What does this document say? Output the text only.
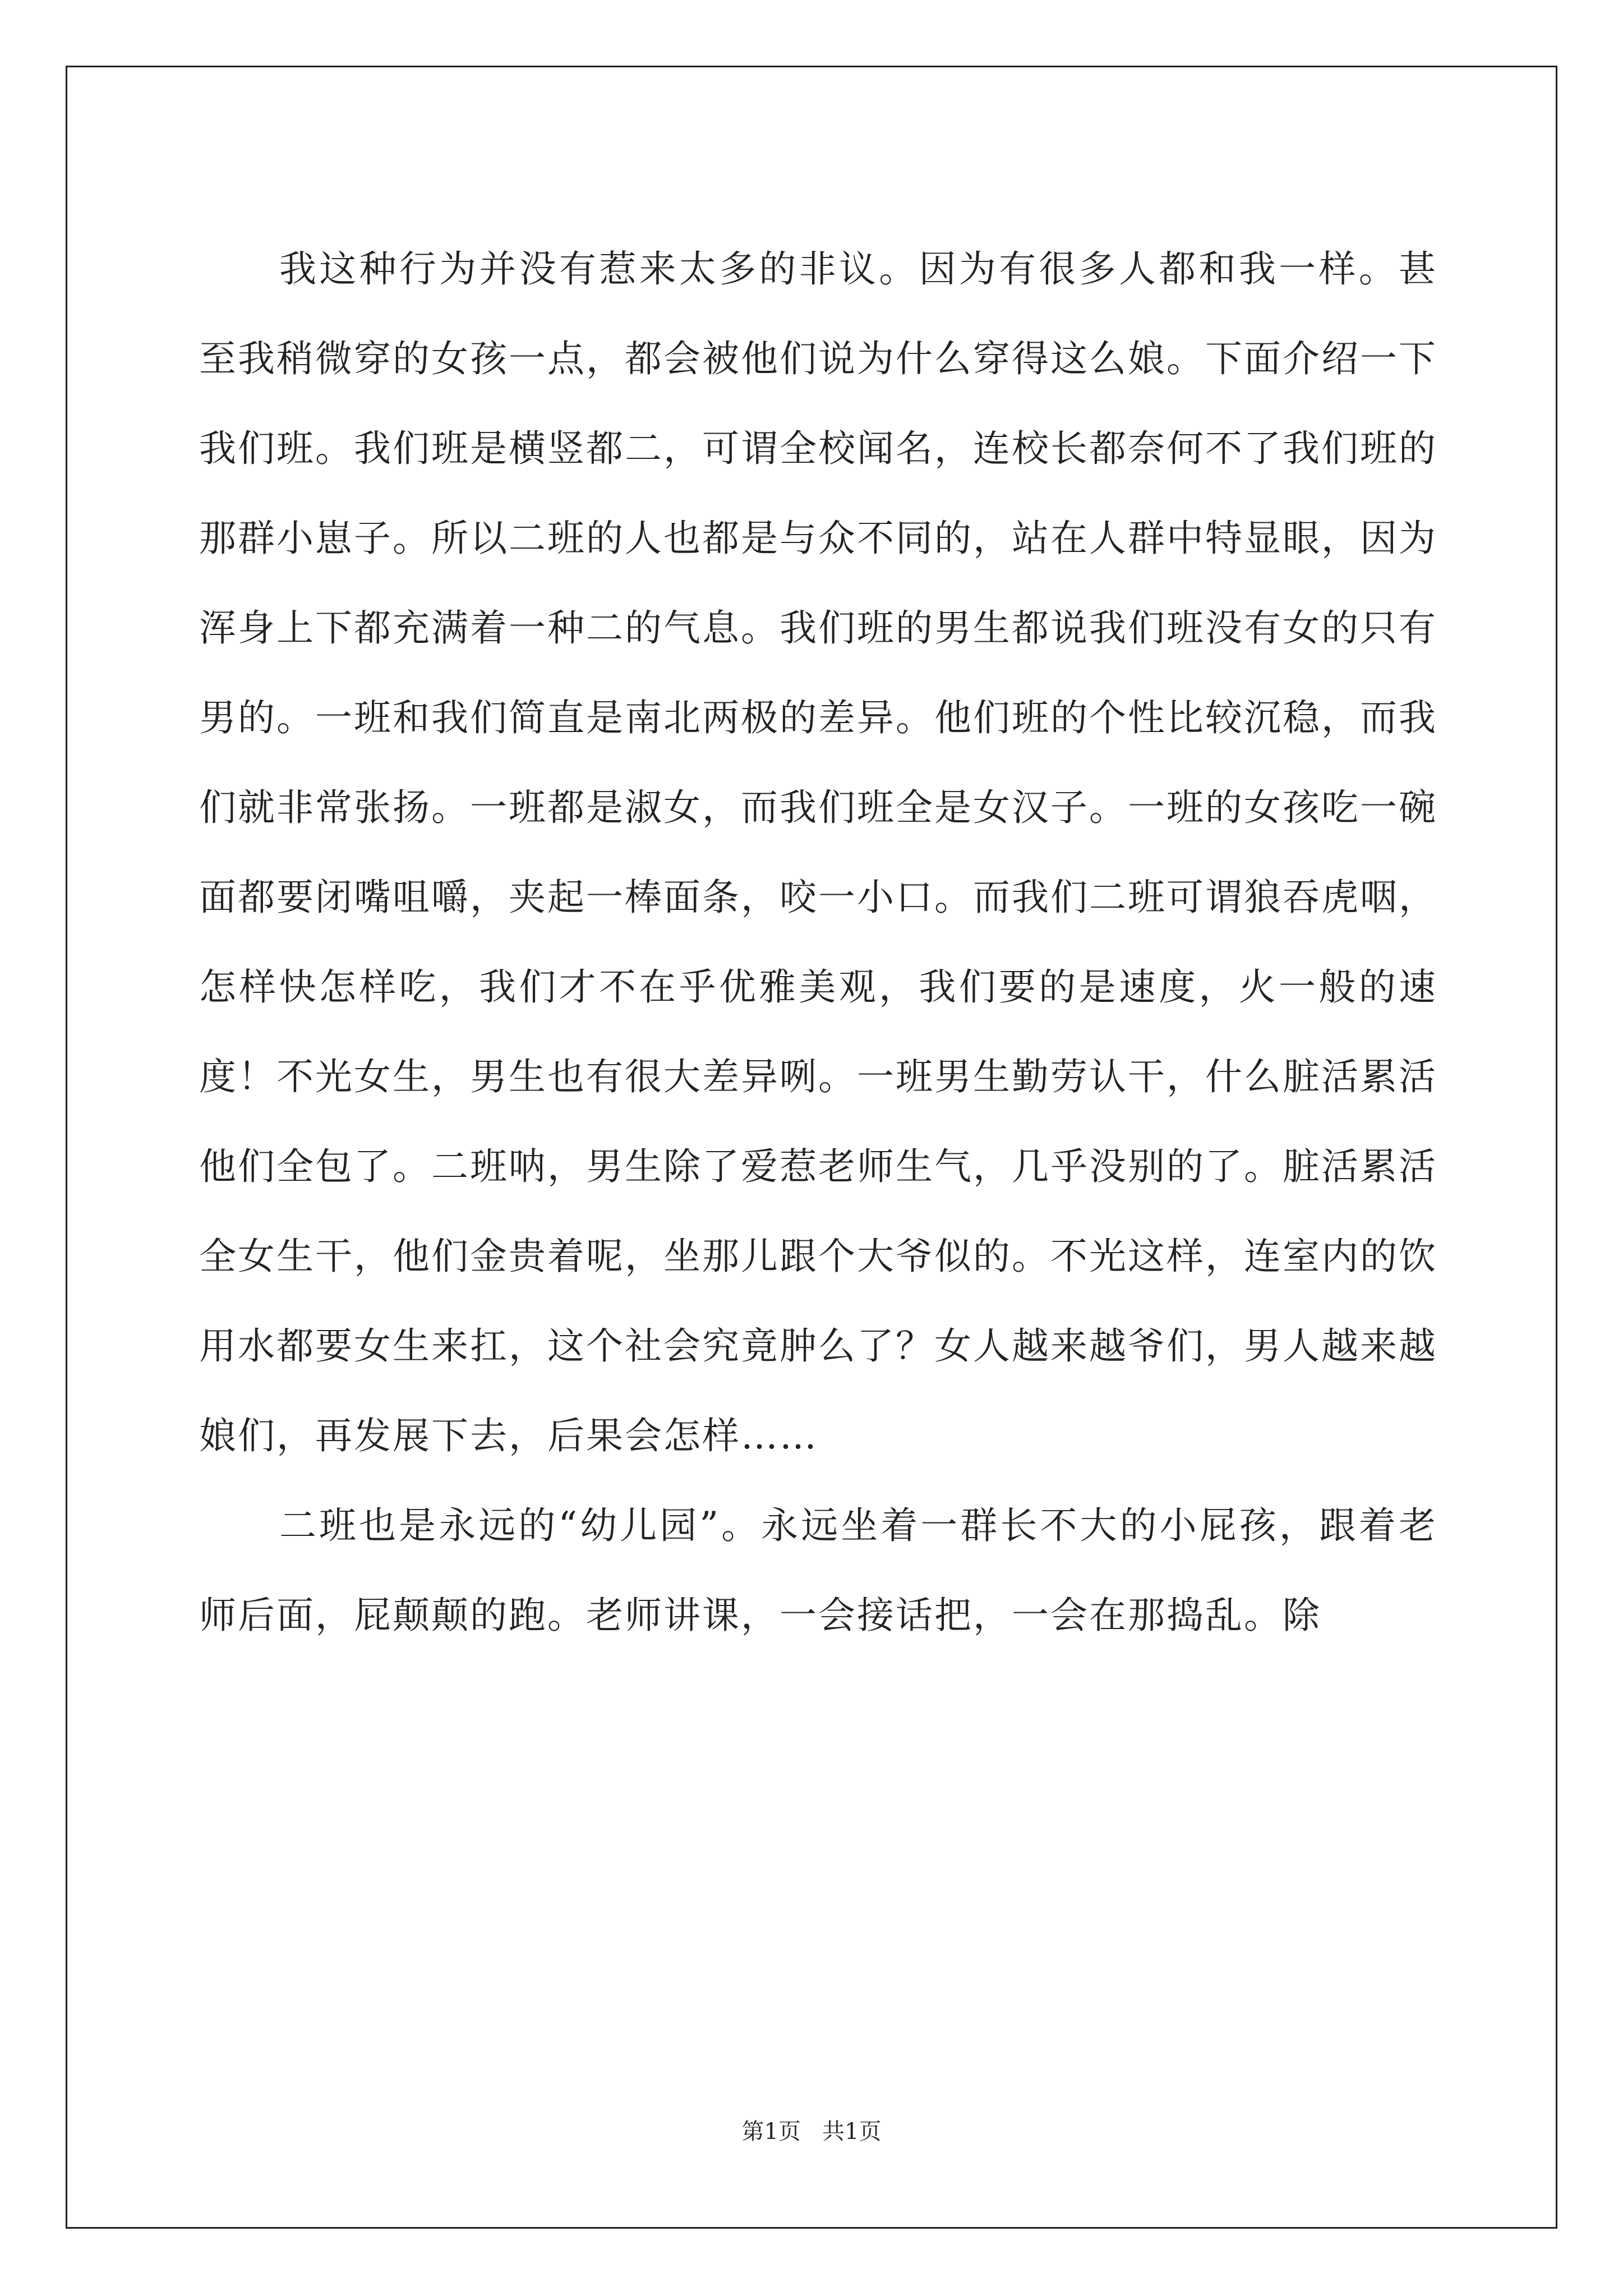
我这种行为并没有惹来太多的非议。因为有很多人都和我一样。甚至我稍微穿的女孩一点，都会被他们说为什么穿得这么娘。下面介绍一下我们班。我们班是横竖都二，可谓全校闻名，连校长都奈何不了我们班的那群小崽子。所以二班的人也都是与众不同的，站在人群中特显眼，因为浑身上下都充满着一种二的气息。我们班的男生都说我们班没有女的只有男的。一班和我们简直是南北两极的差异。他们班的个性比较沉稳，而我们就非常张扬。一班都是淑女，而我们班全是女汉子。一班的女孩吃一碗面都要闭嘴咀嚼，夹起一棒面条，咬一小口。而我们二班可谓狼吞虎咽，怎样快怎样吃，我们才不在乎优雅美观，我们要的是速度，火一般的速度！不光女生，男生也有很大差异咧。一班男生勤劳认干，什么脏活累活他们全包了。二班呐，男生除了爱惹老师生气，几乎没别的了。脏活累活全女生干，他们金贵着呢，坐那儿跟个大爷似的。不光这样，连室内的饮用水都要女生来扛，这个社会究竟肿么了？女人越来越爷们，男人越来越娘们，再发展下去，后果会怎样……

二班也是永远的“幼儿园”。永远坐着一群长不大的小屁孩，跟着老师后面，屁颠颠的跑。老师讲课，一会接话把，一会在那捣乱。除

第1页   共1页
